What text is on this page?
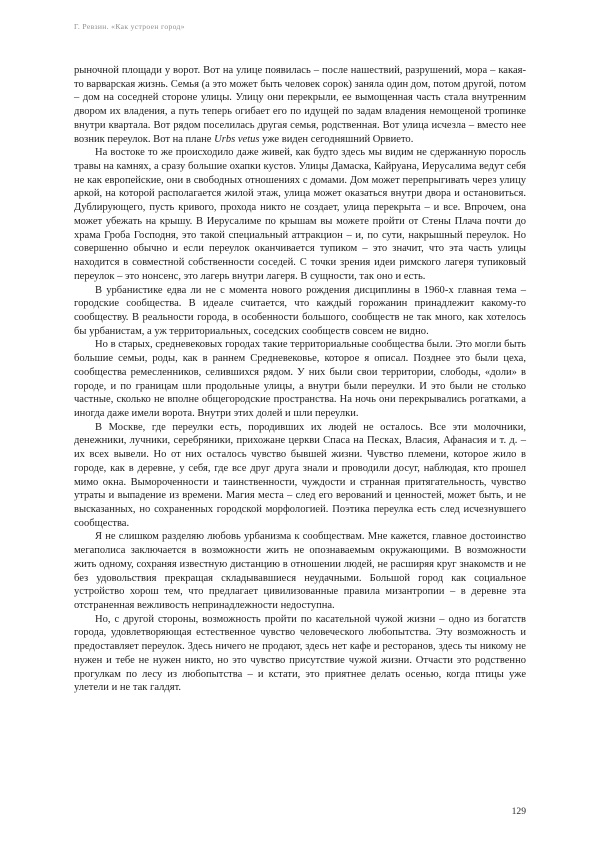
Г. Ревзин. «Как устроен город»

рыночной площади у ворот. Вот на улице появилась – после нашествий, разрушений, мора – какая-то варварская жизнь. Семья (а это может быть человек сорок) заняла один дом, потом другой, потом – дом на соседней стороне улицы. Улицу они перекрыли, ее вымощенная часть стала внутренним двором их владения, а путь теперь огибает его по идущей по задам владения немощеной тропинке внутри квартала. Вот рядом поселилась другая семья, родственная. Вот улица исчезла – вместо нее возник переулок. Вот на плане Urbs vetus уже виден сегодняшний Орвието.

На востоке то же происходило даже живей, как будто здесь мы видим не сдержанную поросль травы на камнях, а сразу большие охапки кустов. Улицы Дамаска, Кайруана, Иерусалима ведут себя не как европейские, они в свободных отношениях с домами. Дом может перепрыгивать через улицу аркой, на которой располагается жилой этаж, улица может оказаться внутри двора и остановиться. Дублирующего, пусть кривого, прохода никто не создает, улица перекрыта – и все. Впрочем, она может убежать на крышу. В Иерусалиме по крышам вы можете пройти от Стены Плача почти до храма Гроба Господня, это такой специальный аттракцион – и, по сути, накрышный переулок. Но совершенно обычно и если переулок оканчивается тупиком – это значит, что эта часть улицы находится в совместной собственности соседей. С точки зрения идеи римского лагеря тупиковый переулок – это нонсенс, это лагерь внутри лагеря. В сущности, так оно и есть.

В урбанистике едва ли не с момента нового рождения дисциплины в 1960-х главная тема – городские сообщества. В идеале считается, что каждый горожанин принадлежит какому-то сообществу. В реальности города, в особенности большого, сообществ не так много, как хотелось бы урбанистам, а уж территориальных, соседских сообществ совсем не видно.

Но в старых, средневековых городах такие территориальные сообщества были. Это могли быть большие семьи, роды, как в раннем Средневековье, которое я описал. Позднее это были цеха, сообщества ремесленников, селившихся рядом. У них были свои территории, слободы, «доли» в городе, и по границам шли продольные улицы, а внутри были переулки. И это были не столько частные, сколько не вполне общегородские пространства. На ночь они перекрывались рогатками, а иногда даже имели ворота. Внутри этих долей и шли переулки.

В Москве, где переулки есть, породивших их людей не осталось. Все эти молочники, денежники, лучники, серебряники, прихожане церкви Спаса на Песках, Власия, Афанасия и т. д. – их всех вывели. Но от них осталось чувство бывшей жизни. Чувство племени, которое жило в городе, как в деревне, у себя, где все друг друга знали и проводили досуг, наблюдая, кто прошел мимо окна. Вымороченности и таинственности, чуждости и странная притягательность, чувство утраты и выпадение из времени. Магия места – след его верований и ценностей, может быть, и не высказанных, но сохраненных городской морфологией. Поэтика переулка есть след исчезнувшего сообщества.

Я не слишком разделяю любовь урбанизма к сообществам. Мне кажется, главное достоинство мегаполиса заключается в возможности жить не опознаваемым окружающими. В возможности жить одному, сохраняя известную дистанцию в отношении людей, не расширяя круг знакомств и не без удовольствия прекращая складывавшиеся неудачными. Большой город как социальное устройство хорош тем, что предлагает цивилизованные правила мизантропии – в деревне эта отстраненная вежливость непринадлежности недоступна.

Но, с другой стороны, возможность пройти по касательной чужой жизни – одно из богатств города, удовлетворяющая естественное чувство человеческого любопытства. Эту возможность и предоставляет переулок. Здесь ничего не продают, здесь нет кафе и ресторанов, здесь ты никому не нужен и тебе не нужен никто, но это чувство присутствие чужой жизни. Отчасти это родственно прогулкам по лесу из любопытства – и кстати, это приятнее делать осенью, когда птицы уже улетели и не так галдят.

129
